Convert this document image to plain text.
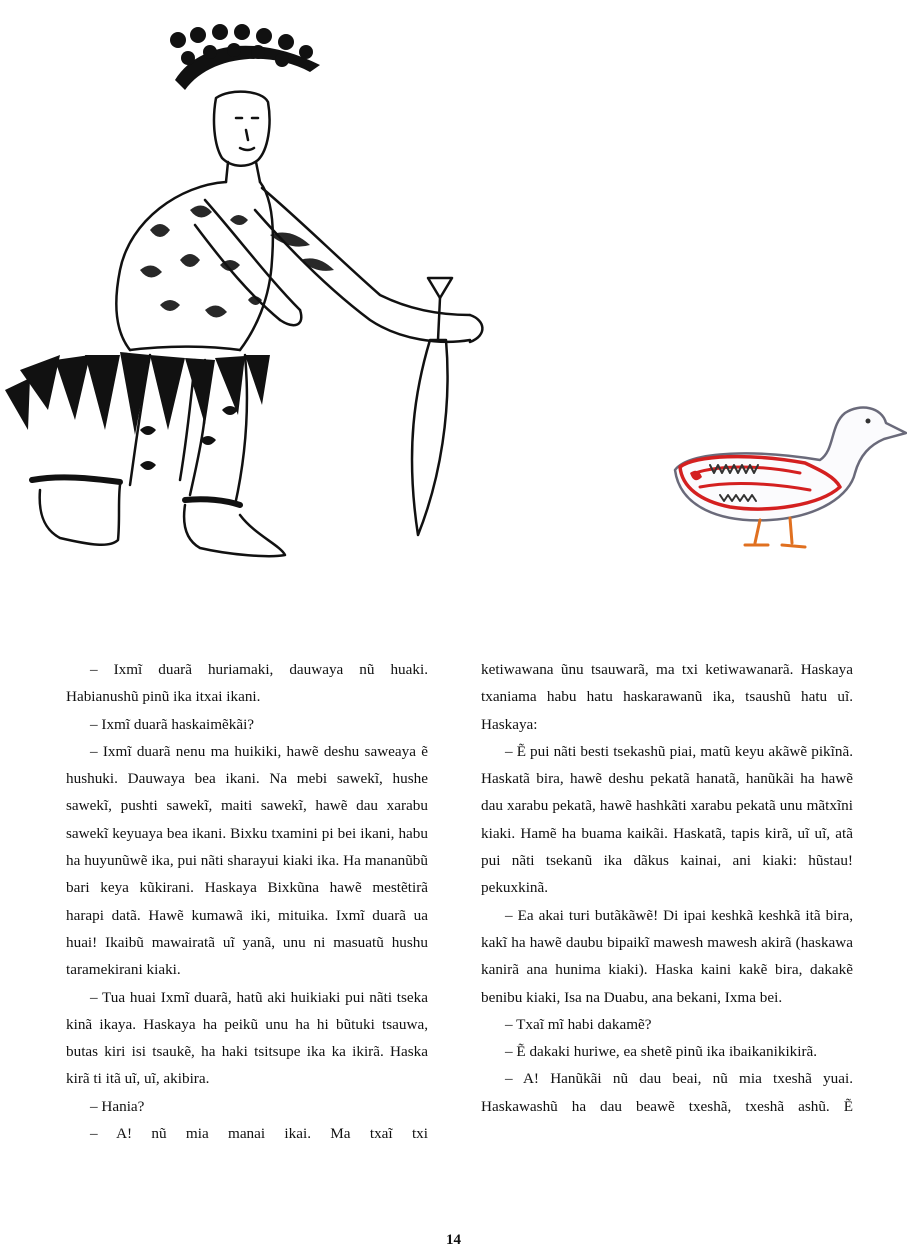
– Ixmĩ duarã huriamaki, dauwaya nũ huaki. Habianushũ pinũ ika itxai ikani.

– Ixmĩ duarã haskaimẽkãi?

– Ixmĩ duarã nenu ma huikiki, hawẽ deshu saweaya ẽ hushuki. Dauwaya bea ikani. Na mebi sawekĩ, hushe sawekĩ, pushti sawekĩ, maiti sawekĩ, hawẽ dau xarabu sawekĩ keyuaya bea ikani. Bixku txamini pi bei ikani, habu ha huyunũwẽ ika, pui nãti sharayui kiaki ika. Ha mananũbũ bari keya kũkirani. Haskaya Bixkũna hawẽ mestẽtirã harapi datã. Hawẽ kumawã iki, mituika. Ixmĩ duarã ua huai! Ikaibũ mawairatã uĩ yanã, unu ni masuatũ hushu taramekirani kiaki.

– Tua huai Ixmĩ duarã, hatũ aki huikiaki pui nãti tseka kinã ikaya. Haskaya ha peikũ unu ha hi bũtuki tsauwa, butas kiri isi tsaukẽ, ha haki tsitsupe ika ka ikirã. Haska kirã ti itã uĩ, uĩ, akibira.

– Hania?

– A! nũ mia manai ikai. Ma txaĩ txi

ketiwawana ũnu tsauwarã, ma txi ketiwawanarã. Haskaya txaniama habu hatu haskarawanũ ika, tsaushũ hatu uĩ. Haskaya:

– Ẽ pui nãti besti tsekashũ piai, matũ keyu akãwẽ pikĩnã. Haskatã bira, hawẽ deshu pekatã hanatã, hanũkãi ha hawẽ dau xarabu pekatã, hawẽ hashkãti xarabu pekatã unu mãtxĩni kiaki. Hamẽ ha buama kaikãi. Haskatã, tapis kirã, uĩ uĩ, atã pui nãti tsekanũ ika dãkus kainai, ani kiaki: hũstau! pekuxkinã.

– Ea akai turi butãkãwẽ! Di ipai keshkã keshkã itã bira, kakĩ ha hawẽ daubu bipaikĩ mawesh mawesh akirã (haskawa kanirã ana hunima kiaki). Haska kaini kakẽ bira, dakakẽ benibu kiaki, Isa na Duabu, ana bekani, Ixma bei.

– Txaĩ mĩ habi dakamẽ?

– Ẽ dakaki huriwe, ea shetẽ pinũ ika ibaikanikikirã.

– A! Hanũkãi nũ dau beai, nũ mia txeshã yuai. Haskawashũ ha dau beawẽ txeshã, txeshã ashũ. Ẽ

14
